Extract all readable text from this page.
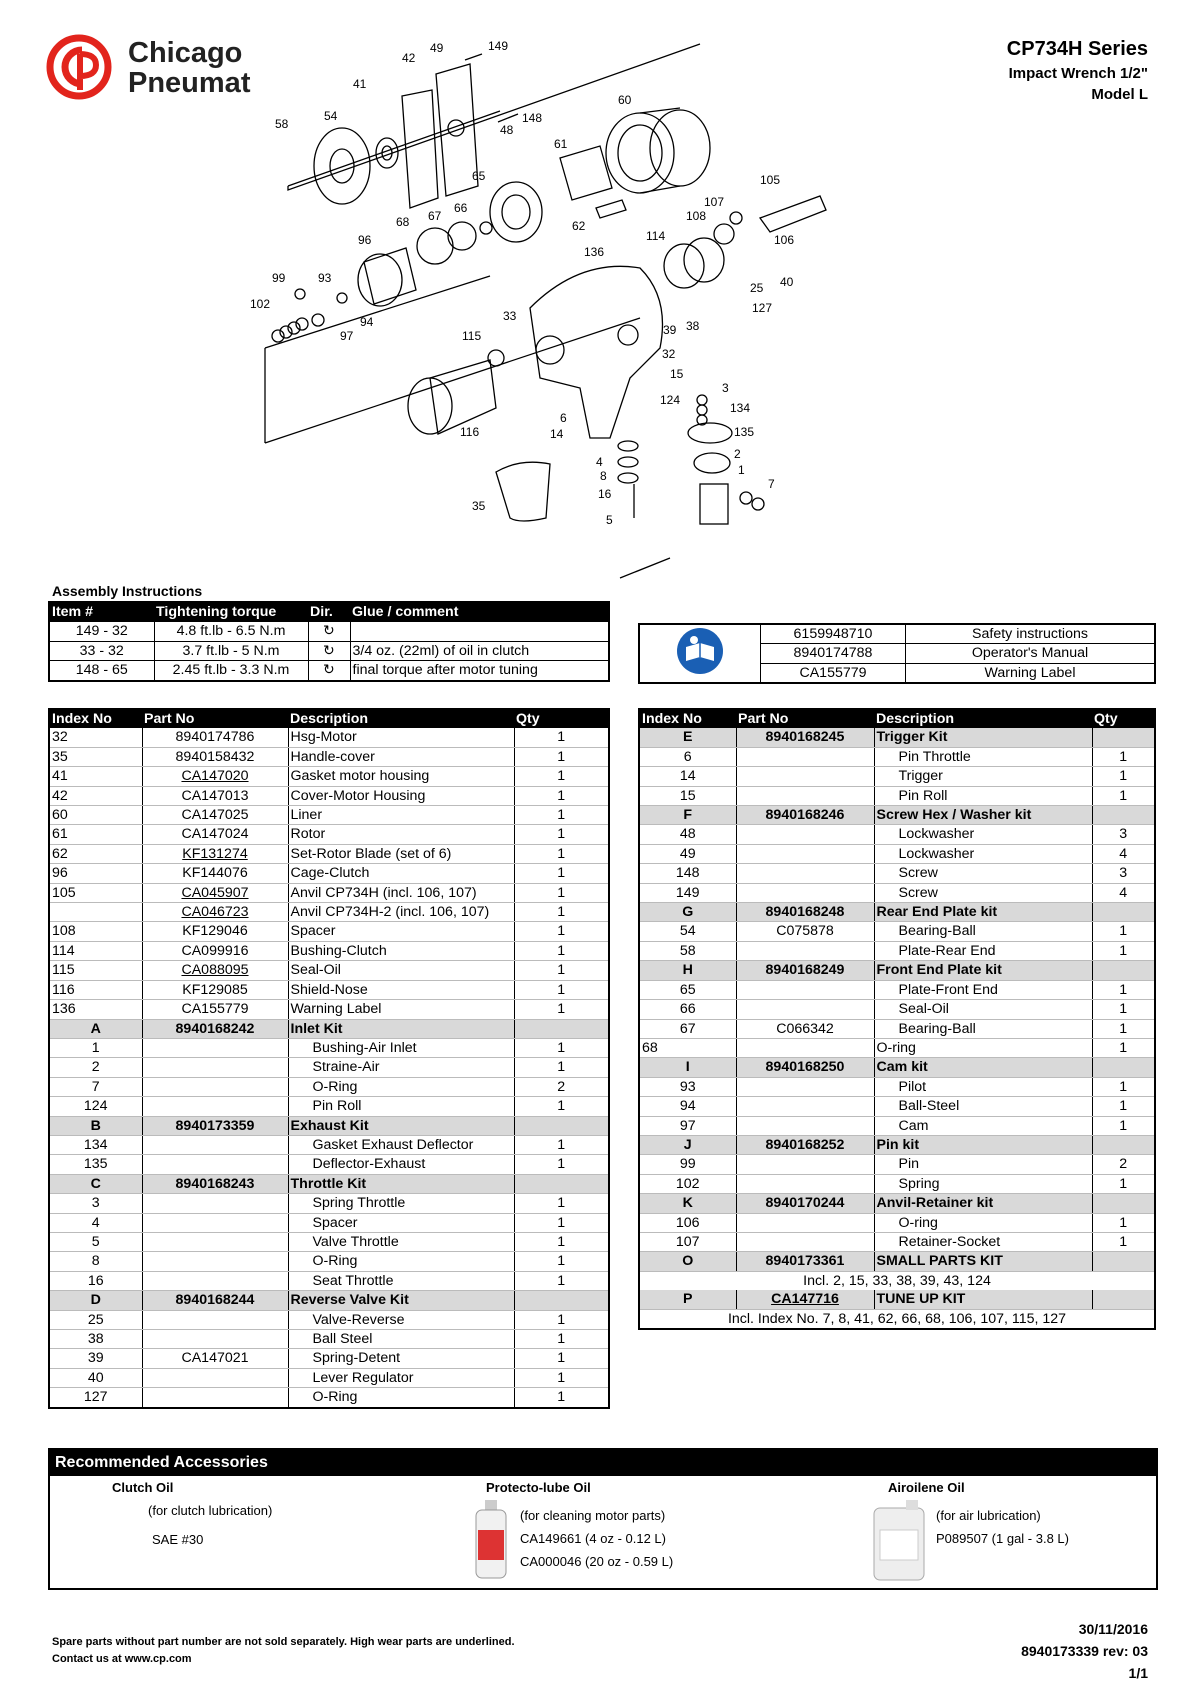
Chicago
Pneumat
CP734H Series
Impact Wrench 1/2"
Model L
49	149
42
41
148
48
54
60
58
61
65	105
107
108
66
67
62
68
96	114	106
136
99	93	40
25
102	127
94	33
38
97	39
32
115
15
3
134
124
6
135
14
2
116
4
1
8
7
16
35
5
Assembly Instructions
Item #	Tightening torque	Dir.	Glue / comment
149 - 32	4.8 ft.lb - 6.5 N.m	↻	
33 - 32	3.7 ft.lb - 5 N.m	↻	3/4 oz. (22ml) of oil in clutch
148 - 65	2.45 ft.lb - 3.3 N.m	↻	final torque after motor tuning
	6159948710	Safety instructions
	8940174788	Operator's Manual
	CA155779	Warning Label
Index No	Part No	Description	Qty
32	8940174786	Hsg-Motor	1
35	8940158432	Handle-cover	1
41	CA147020	Gasket motor housing	1
42	CA147013	Cover-Motor Housing	1
60	CA147025	Liner	1
61	CA147024	Rotor	1
62	KF131274	Set-Rotor Blade (set of 6)	1
96	KF144076	Cage-Clutch	1
105	CA045907	Anvil CP734H (incl. 106, 107)	1
	CA046723	Anvil CP734H-2 (incl. 106, 107)	1
108	KF129046	Spacer	1
114	CA099916	Bushing-Clutch	1
115	CA088095	Seal-Oil	1
116	KF129085	Shield-Nose	1
136	CA155779	Warning Label	1
A	8940168242	Inlet Kit	
1		Bushing-Air Inlet	1
2		Straine-Air	1
7		O-Ring	2
124		Pin Roll	1
B	8940173359	Exhaust Kit	
134		Gasket Exhaust Deflector	1
135		Deflector-Exhaust	1
C	8940168243	Throttle Kit	
3		Spring Throttle	1
4		Spacer	1
5		Valve Throttle	1
8		O-Ring	1
16		Seat Throttle	1
D	8940168244	Reverse Valve Kit	
25		Valve-Reverse	1
38		Ball Steel	1
39	CA147021	Spring-Detent	1
40		Lever Regulator	1
127		O-Ring	1
Index No	Part No	Description	Qty
E	8940168245	Trigger Kit	
6		Pin Throttle	1
14		Trigger	1
15		Pin Roll	1
F	8940168246	Screw Hex / Washer kit	
48		Lockwasher	3
49		Lockwasher	4
148		Screw	3
149		Screw	4
G	8940168248	Rear End Plate kit	
54	C075878	Bearing-Ball	1
58		Plate-Rear End	1
H	8940168249	Front End Plate kit	
65		Plate-Front End	1
66		Seal-Oil	1
67	C066342	Bearing-Ball	1
68		O-ring	1
I	8940168250	Cam kit	
93		Pilot	1
94		Ball-Steel	1
97		Cam	1
J	8940168252	Pin kit	
99		Pin	2
102		Spring	1
K	8940170244	Anvil-Retainer kit	
106		O-ring	1
107		Retainer-Socket	1
O	8940173361	SMALL PARTS KIT	
Incl. 2, 15, 33, 38, 39, 43, 124			
P	CA147716	TUNE UP KIT	
Incl. Index No. 7, 8, 41, 62, 66, 68, 106, 107, 115, 127			
Recommended Accessories
Clutch Oil
(for clutch lubrication)
SAE #30
Protecto-lube Oil
(for cleaning motor parts)
CA149661 (4 oz - 0.12 L)
CA000046 (20 oz - 0.59 L)
Airoilene Oil
(for air lubrication)
P089507 (1 gal - 3.8 L)
Spare parts without part number are not sold separately. High wear parts are underlined.
Contact us at www.cp.com
30/11/2016
8940173339 rev: 03
1/1
